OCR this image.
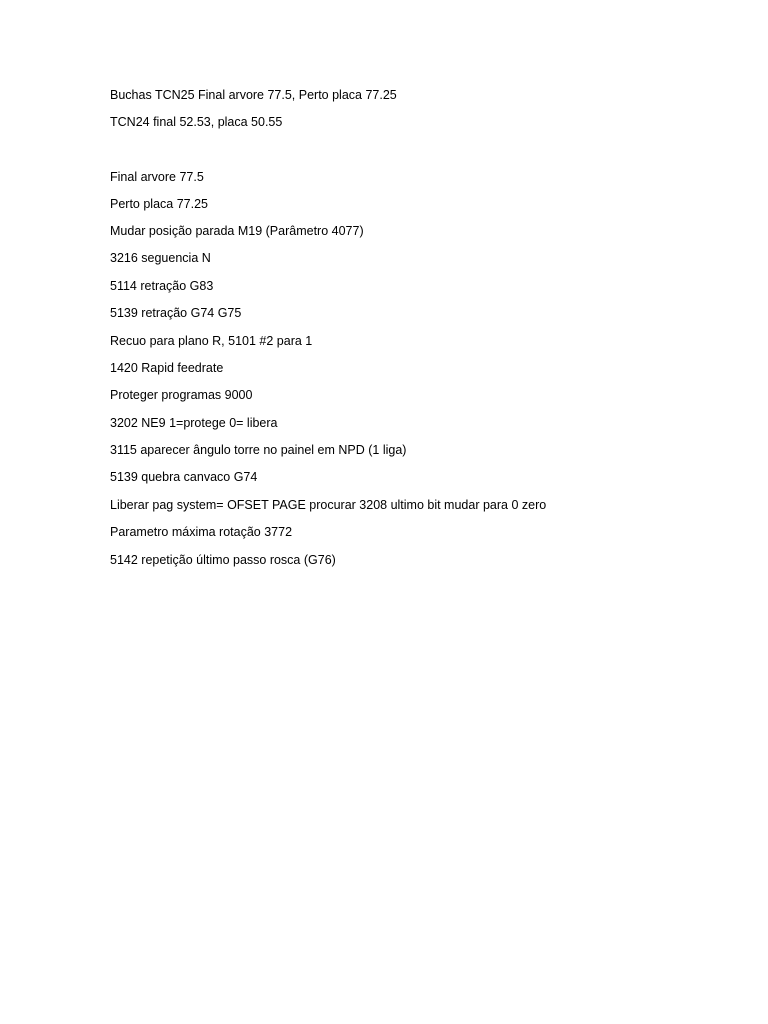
Buchas TCN25 Final arvore 77.5, Perto placa 77.25
TCN24 final 52.53, placa 50.55
Final arvore 77.5
Perto placa 77.25
Mudar posição parada M19 (Parâmetro 4077)
3216 seguencia N
5114 retração G83
5139 retração G74 G75
Recuo para plano R, 5101 #2 para 1
1420 Rapid feedrate
Proteger programas 9000
3202 NE9 1=protege 0= libera
3115 aparecer ângulo torre no painel em NPD (1 liga)
5139 quebra canvaco G74
Liberar pag system= OFSET PAGE procurar 3208 ultimo bit mudar para 0 zero
Parametro máxima rotação 3772
5142 repetição último passo rosca (G76)
